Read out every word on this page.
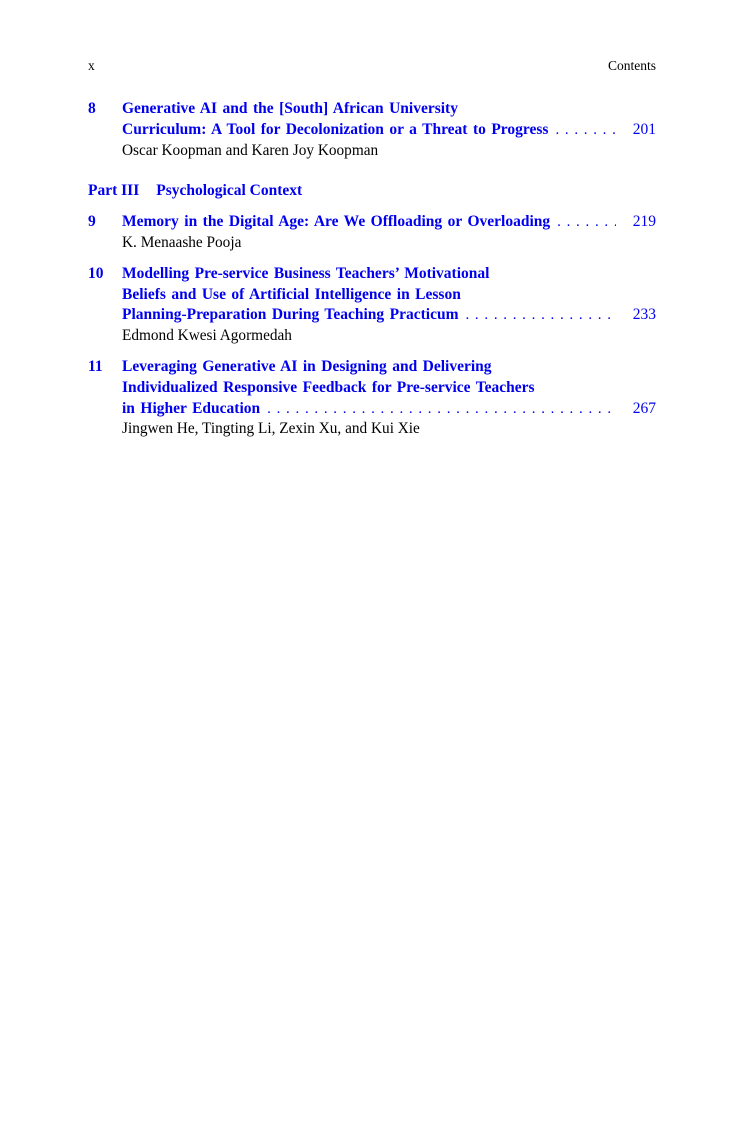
x	Contents
8	Generative AI and the [South] African University
Curriculum: A Tool for Decolonization or a Threat to Progress .....	201
Oscar Koopman and Karen Joy Koopman
Part III Psychological Context
9	Memory in the Digital Age: Are We Offloading or Overloading .....	219
K. Menaashe Pooja
10	Modelling Pre-service Business Teachers’ Motivational
Beliefs and Use of Artificial Intelligence in Lesson
Planning-Preparation During Teaching Practicum .....	233
Edmond Kwesi Agormedah
11	Leveraging Generative AI in Designing and Delivering
Individualized Responsive Feedback for Pre-service Teachers
in Higher Education .....	267
Jingwen He, Tingting Li, Zexin Xu, and Kui Xie
